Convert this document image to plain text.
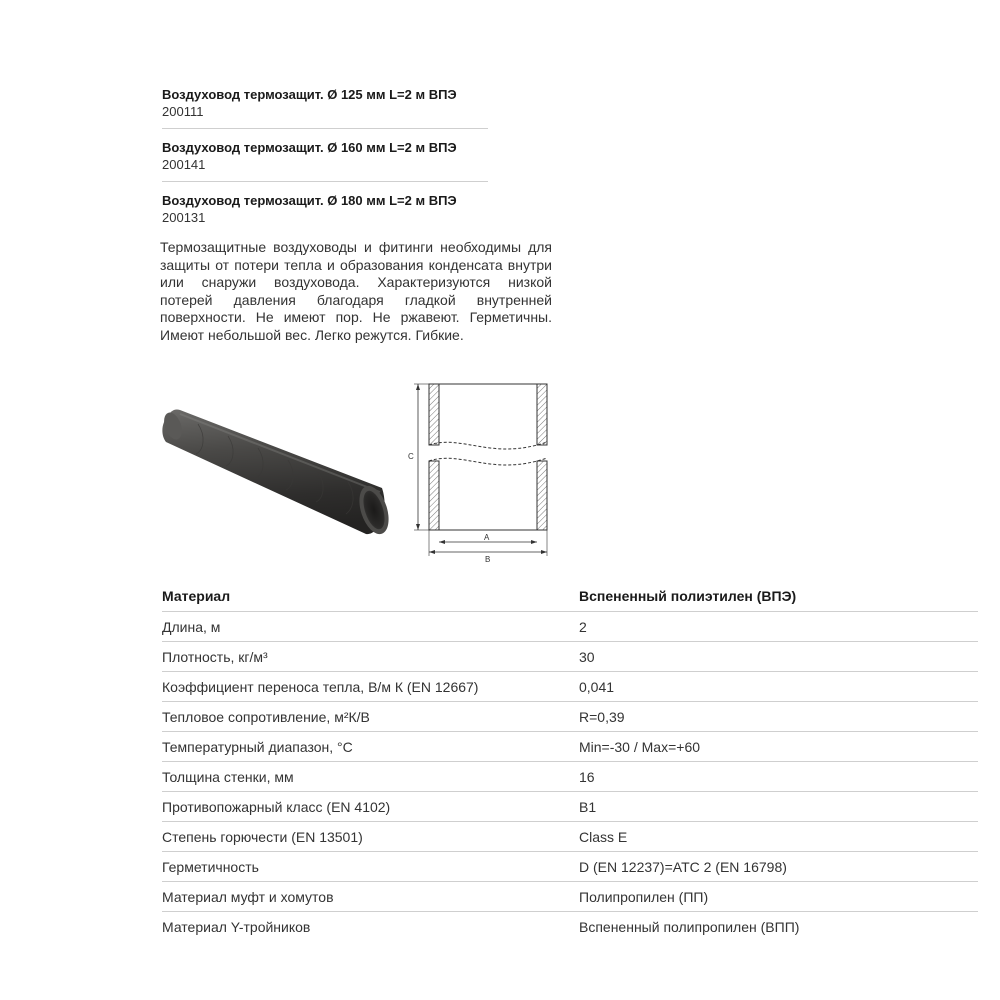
Воздуховод термозащит. Ø 125 мм L=2 м ВПЭ
200111
Воздуховод термозащит. Ø 160 мм L=2 м ВПЭ
200141
Воздуховод термозащит. Ø 180 мм L=2 м ВПЭ
200131

Термозащитные воздуховоды и фитинги необходимы для защиты от потери тепла и образования конденсата внутри или снаружи воздуховода. Характеризуются низкой потерей давления благодаря гладкой внутренней поверхности. Не имеют пор. Не ржавеют. Герметичны. Имеют небольшой вес. Легко режутся. Гибкие.

C
A
B
Материал	Вспененный полиэтилен (ВПЭ)
Длина, м	2
Плотность, кг/м³	30
Коэффициент переноса тепла, В/м К (EN 12667)	0,041
Тепловое сопротивление, м²К/В	R=0,39
Температурный диапазон, °С	Min=-30 / Max=+60
Толщина стенки, мм	16
Противопожарный класс (EN 4102)	B1
Степень горючести (EN 13501)	Class E
Герметичность	D (EN 12237)=ATC 2 (EN 16798)
Материал муфт и хомутов	Полипропилен (ПП)
Материал Y-тройников	Вспененный полипропилен (ВПП)
